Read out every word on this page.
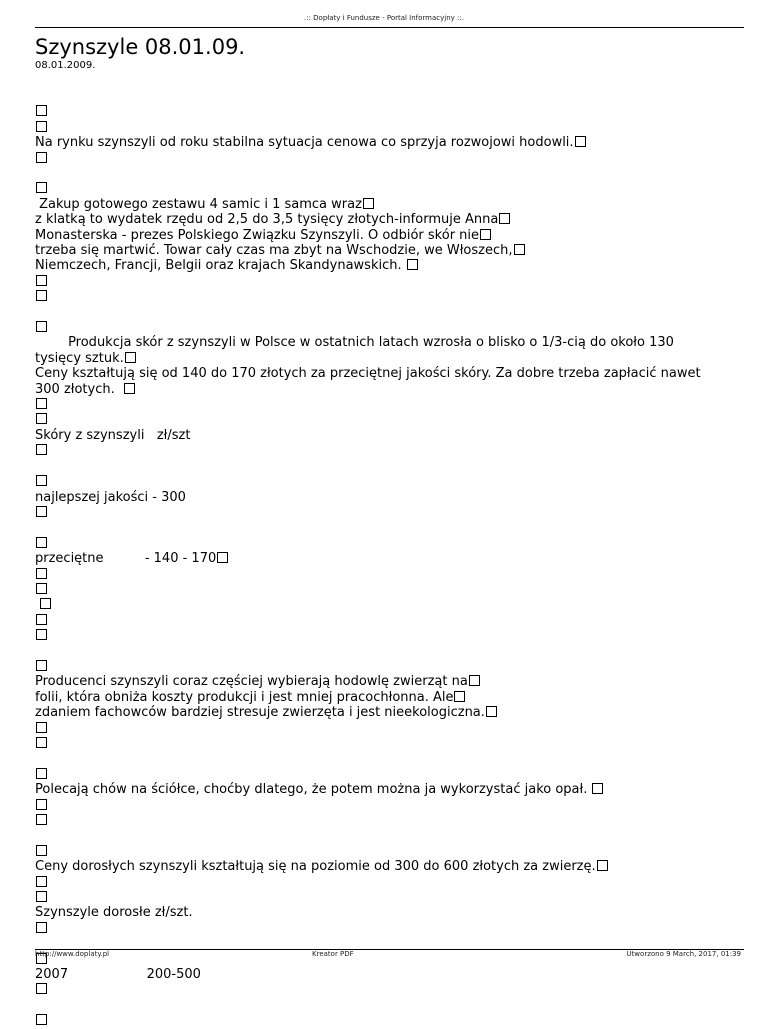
.:: Dopłaty i Fundusze - Portal Informacyjny ::.
Szynszyle 08.01.09.
08.01.2009.
Na rynku szynszyli od roku stabilna sytuacja cenowa co sprzyja rozwojowi hodowli.
Zakup gotowego zestawu 4 samic i 1 samca wraz
z klatką to wydatek rzędu od 2,5 do 3,5 tysięcy złotych-informuje Anna
Monasterska - prezes Polskiego Związku Szynszyli. O odbiór skór nie
trzeba się martwić. Towar cały czas ma zbyt na Wschodzie, we Włoszech,
Niemczech, Francji, Belgii oraz krajach Skandynawskich.
Produkcja skór z szynszyli w Polsce w ostatnich latach wzrosła o blisko o 1/3-cią do około 130
tysięcy sztuk.
Ceny kształtują się od 140 do 170 złotych za przeciętnej jakości skóry. Za dobre trzeba zapłacić nawet
300 złotych.
Skóry z szynszyli   zł/szt
najlepszej jakości - 300
przeciętne          - 140 - 170

Producenci szynszyli coraz częściej wybierają hodowlę zwierząt na
folii, która obniża koszty produkcji i jest mniej pracochłonna. Ale
zdaniem fachowców bardziej stresuje zwierzęta i jest nieekologiczna.
Polecają chów na ściółce, choćby dlatego, że potem można ja wykorzystać jako opał.
Ceny dorosłych szynszyli kształtują się na poziomie od 300 do 600 złotych za zwierzę.
Szynszyle dorosłe zł/szt.
2007                   200-500
http://www.doplaty.pl	Kreator PDF	Utworzono 9 March, 2017, 01:39
